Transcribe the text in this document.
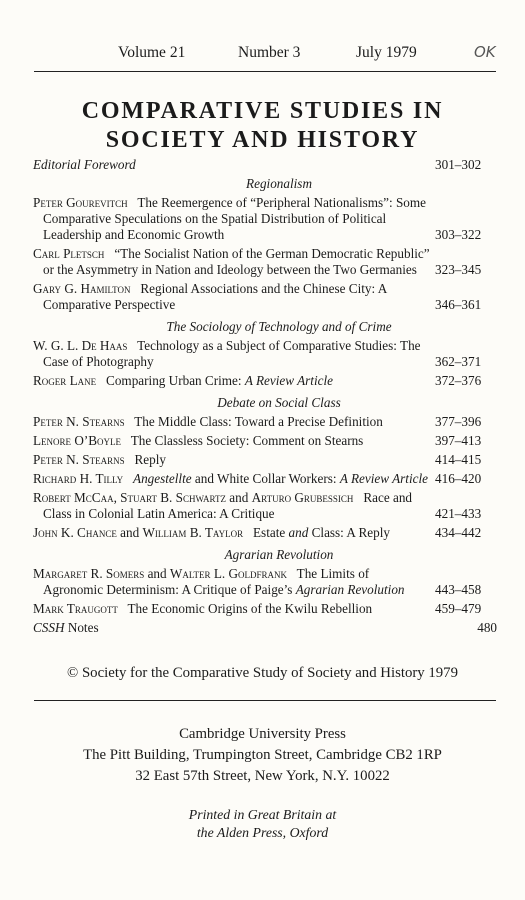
Volume 21	Number 3	July 1979	OK
COMPARATIVE STUDIES IN
SOCIETY AND HISTORY
Editorial Foreword	301–302
Regionalism
Peter Gourevitch The Reemergence of “Peripheral Nationalisms”: Some Comparative Speculations on the Spatial Distribution of Political Leadership and Economic Growth	303–322
Carl Pletsch “The Socialist Nation of the German Democratic Republic” or the Asymmetry in Nation and Ideology between the Two Germanies	323–345
Gary G. Hamilton Regional Associations and the Chinese City: A Comparative Perspective	346–361
The Sociology of Technology and of Crime
W. G. L. De Haas Technology as a Subject of Comparative Studies: The Case of Photography	362–371
Roger Lane Comparing Urban Crime: A Review Article	372–376
Debate on Social Class
Peter N. Stearns The Middle Class: Toward a Precise Definition	377–396
Lenore O’Boyle The Classless Society: Comment on Stearns	397–413
Peter N. Stearns Reply	414–415
Richard H. Tilly Angestellte and White Collar Workers: A Review Article 416–420
Robert McCaa, Stuart B. Schwartz and Arturo Grubessich Race and Class in Colonial Latin America: A Critique	421–433
John K. Chance and William B. Taylor Estate and Class: A Reply	434–442
Agrarian Revolution
Margaret R. Somers and Walter L. Goldfrank The Limits of Agronomic Determinism: A Critique of Paige’s Agrarian Revolution	443–458
Mark Traugott The Economic Origins of the Kwilu Rebellion	459–479
CSSH Notes	480
© Society for the Comparative Study of Society and History 1979
Cambridge University Press
The Pitt Building, Trumpington Street, Cambridge CB2 1RP
32 East 57th Street, New York, N.Y. 10022
Printed in Great Britain at
the Alden Press, Oxford
